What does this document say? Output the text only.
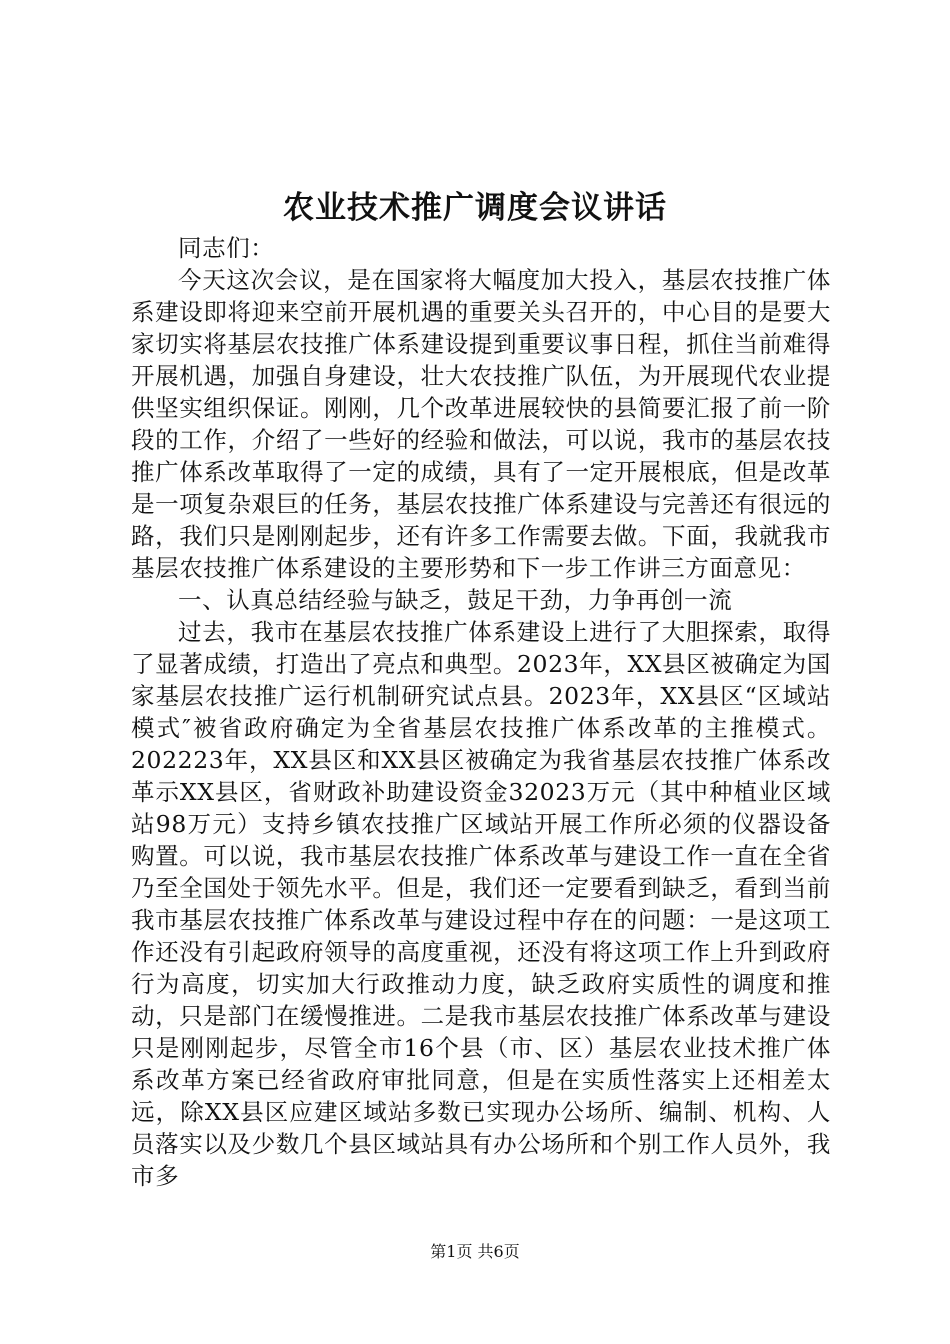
农业技术推广调度会议讲话

同志们：

今天这次会议，是在国家将大幅度加大投入，基层农技推广体系建设即将迎来空前开展机遇的重要关头召开的，中心目的是要大家切实将基层农技推广体系建设提到重要议事日程，抓住当前难得开展机遇，加强自身建设，壮大农技推广队伍，为开展现代农业提供坚实组织保证。刚刚，几个改革进展较快的县简要汇报了前一阶段的工作，介绍了一些好的经验和做法，可以说，我市的基层农技推广体系改革取得了一定的成绩，具有了一定开展根底，但是改革是一项复杂艰巨的任务，基层农技推广体系建设与完善还有很远的路，我们只是刚刚起步，还有许多工作需要去做。下面，我就我市基层农技推广体系建设的主要形势和下一步工作讲三方面意见：

一、认真总结经验与缺乏，鼓足干劲，力争再创一流

过去，我市在基层农技推广体系建设上进行了大胆探索，取得了显著成绩，打造出了亮点和典型。2023年，XX县区被确定为国家基层农技推广运行机制研究试点县。2023年，XX县区“区域站模式″被省政府确定为全省基层农技推广体系改革的主推模式。202223年，XX县区和XX县区被确定为我省基层农技推广体系改革示XX县区，省财政补助建设资金32023万元（其中种植业区域站98万元）支持乡镇农技推广区域站开展工作所必须的仪器设备购置。可以说，我市基层农技推广体系改革与建设工作一直在全省乃至全国处于领先水平。但是，我们还一定要看到缺乏，看到当前我市基层农技推广体系改革与建设过程中存在的问题：一是这项工作还没有引起政府领导的高度重视，还没有将这项工作上升到政府行为高度，切实加大行政推动力度，缺乏政府实质性的调度和推动，只是部门在缓慢推进。二是我市基层农技推广体系改革与建设只是刚刚起步，尽管全市16个县（市、区）基层农业技术推广体系改革方案已经省政府审批同意，但是在实质性落实上还相差太远，除XX县区应建区域站多数已实现办公场所、编制、机构、人员落实以及少数几个县区域站具有办公场所和个别工作人员外，我市多

第1页 共6页
